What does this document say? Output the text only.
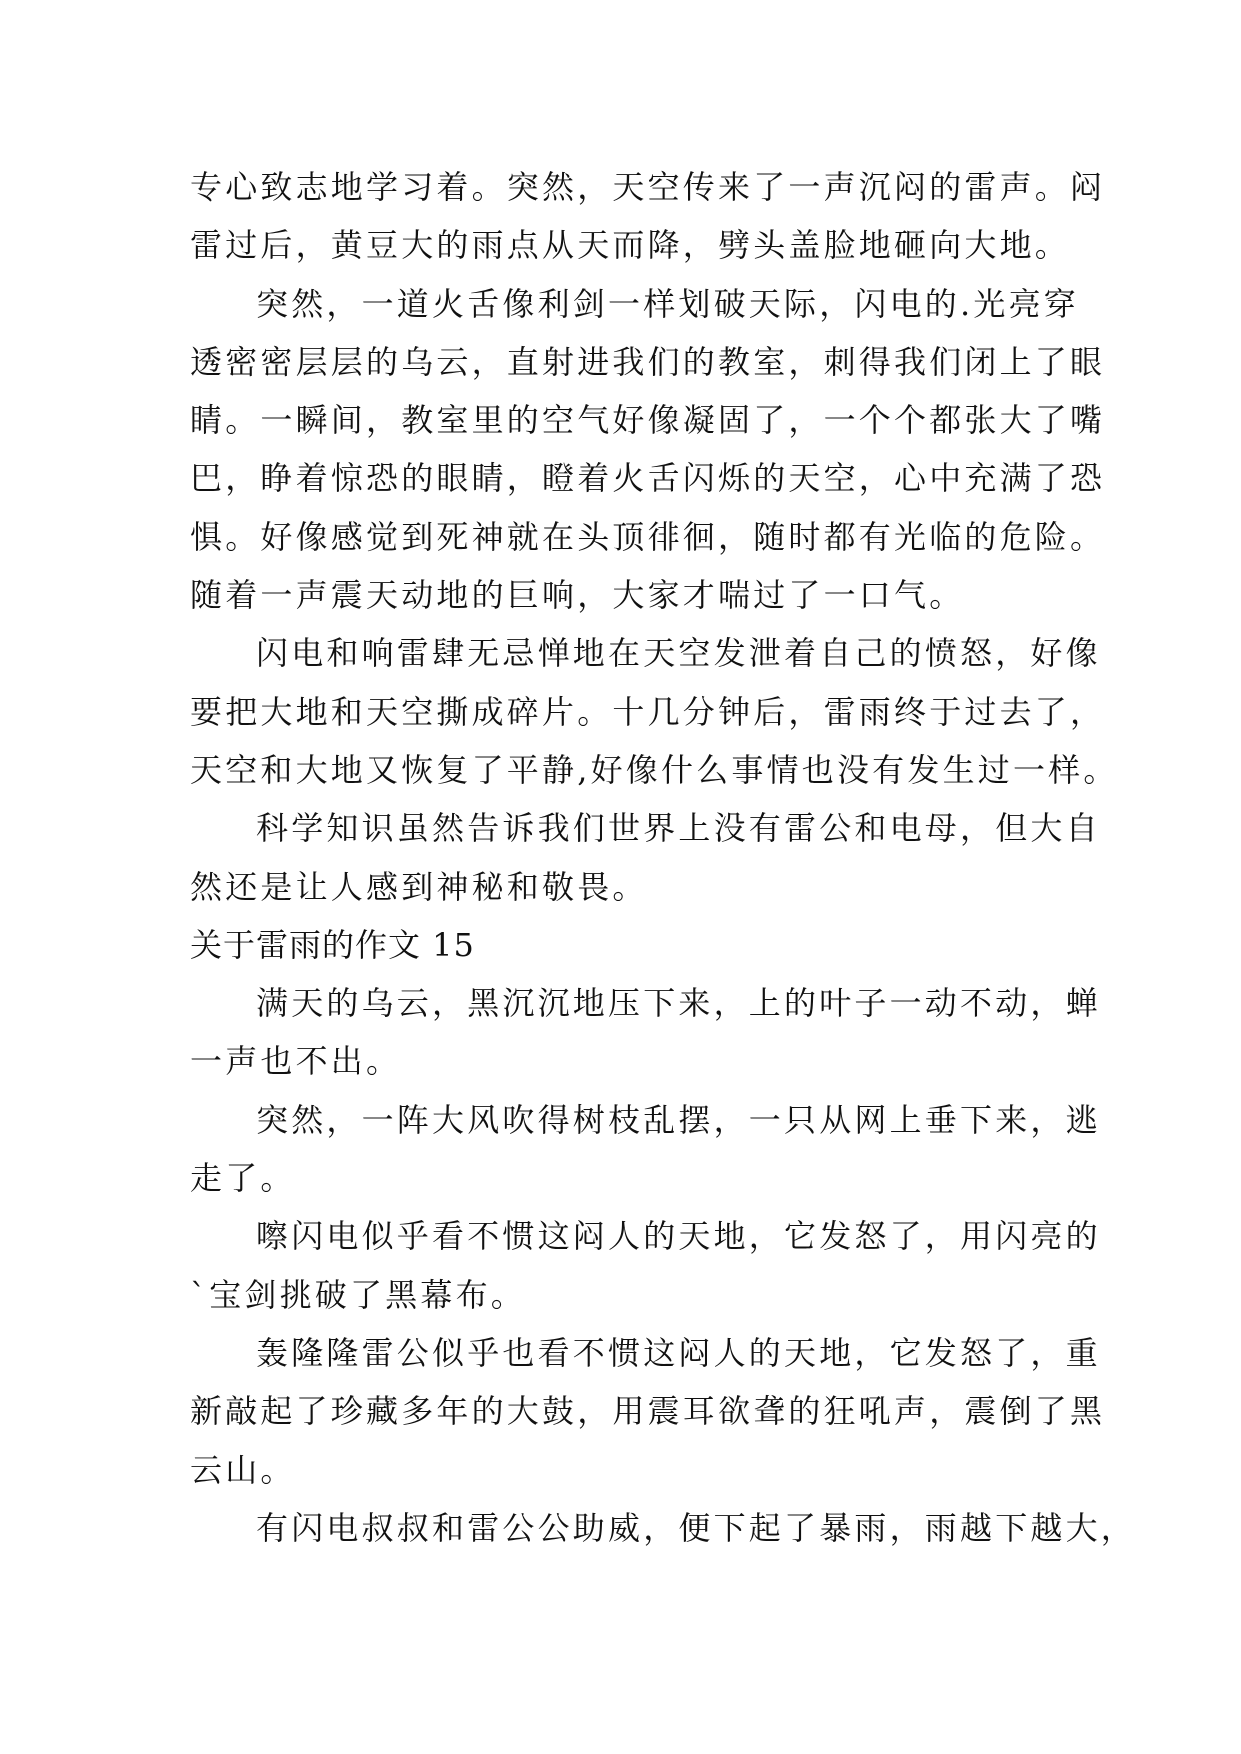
专心致志地学习着。突然，天空传来了一声沉闷的雷声。闷
雷过后，黄豆大的雨点从天而降，劈头盖脸地砸向大地。

突然，一道火舌像利剑一样划破天际，闪电的.光亮穿
透密密层层的乌云，直射进我们的教室，刺得我们闭上了眼
睛。一瞬间，教室里的空气好像凝固了，一个个都张大了嘴
巴，睁着惊恐的眼睛，瞪着火舌闪烁的天空，心中充满了恐
惧。好像感觉到死神就在头顶徘徊，随时都有光临的危险。
随着一声震天动地的巨响，大家才喘过了一口气。

闪电和响雷肆无忌惮地在天空发泄着自己的愤怒，好像
要把大地和天空撕成碎片。十几分钟后，雷雨终于过去了，
天空和大地又恢复了平静,好像什么事情也没有发生过一样。

科学知识虽然告诉我们世界上没有雷公和电母，但大自
然还是让人感到神秘和敬畏。

关于雷雨的作文 15

满天的乌云，黑沉沉地压下来，上的叶子一动不动，蝉
一声也不出。

突然，一阵大风吹得树枝乱摆，一只从网上垂下来，逃
走了。

嚓闪电似乎看不惯这闷人的天地，它发怒了，用闪亮的
`宝剑挑破了黑幕布。

轰隆隆雷公似乎也看不惯这闷人的天地，它发怒了，重
新敲起了珍藏多年的大鼓，用震耳欲聋的狂吼声，震倒了黑
云山。

有闪电叔叔和雷公公助威，便下起了暴雨，雨越下越大，
